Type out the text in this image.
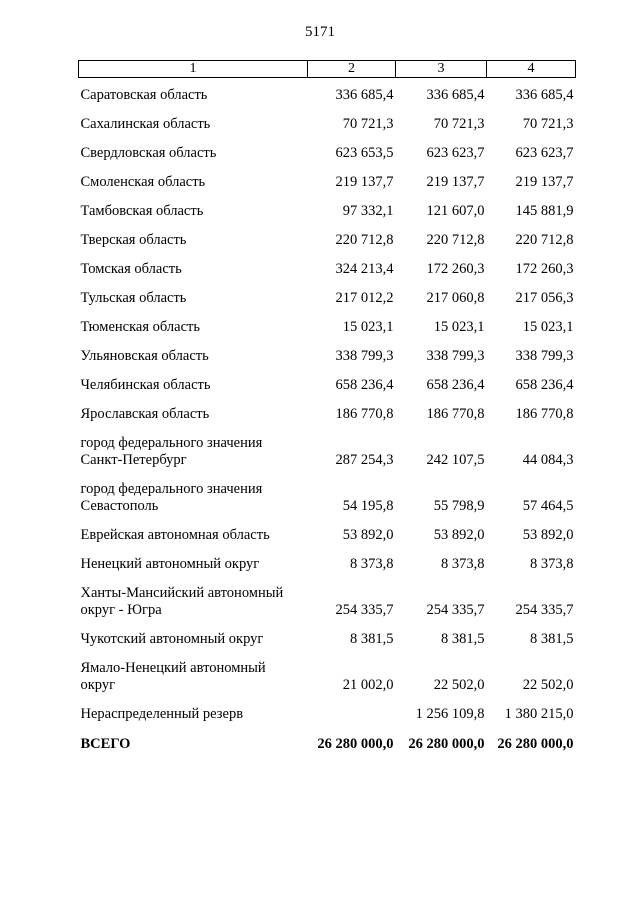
5171
1	2	3	4
Саратовская область	336 685,4	336 685,4	336 685,4
Сахалинская область	70 721,3	70 721,3	70 721,3
Свердловская область	623 653,5	623 623,7	623 623,7
Смоленская область	219 137,7	219 137,7	219 137,7
Тамбовская область	97 332,1	121 607,0	145 881,9
Тверская область	220 712,8	220 712,8	220 712,8
Томская область	324 213,4	172 260,3	172 260,3
Тульская область	217 012,2	217 060,8	217 056,3
Тюменская область	15 023,1	15 023,1	15 023,1
Ульяновская область	338 799,3	338 799,3	338 799,3
Челябинская область	658 236,4	658 236,4	658 236,4
Ярославская область	186 770,8	186 770,8	186 770,8
город федерального значения
Санкт-Петербург	287 254,3	242 107,5	44 084,3
город федерального значения
Севастополь	54 195,8	55 798,9	57 464,5
Еврейская автономная область	53 892,0	53 892,0	53 892,0
Ненецкий автономный округ	8 373,8	8 373,8	8 373,8
Ханты-Мансийский автономный
округ - Югра	254 335,7	254 335,7	254 335,7
Чукотский автономный округ	8 381,5	8 381,5	8 381,5
Ямало-Ненецкий автономный
округ	21 002,0	22 502,0	22 502,0
Нераспределенный резерв		1 256 109,8	1 380 215,0
ВСЕГО	26 280 000,0	26 280 000,0	26 280 000,0
